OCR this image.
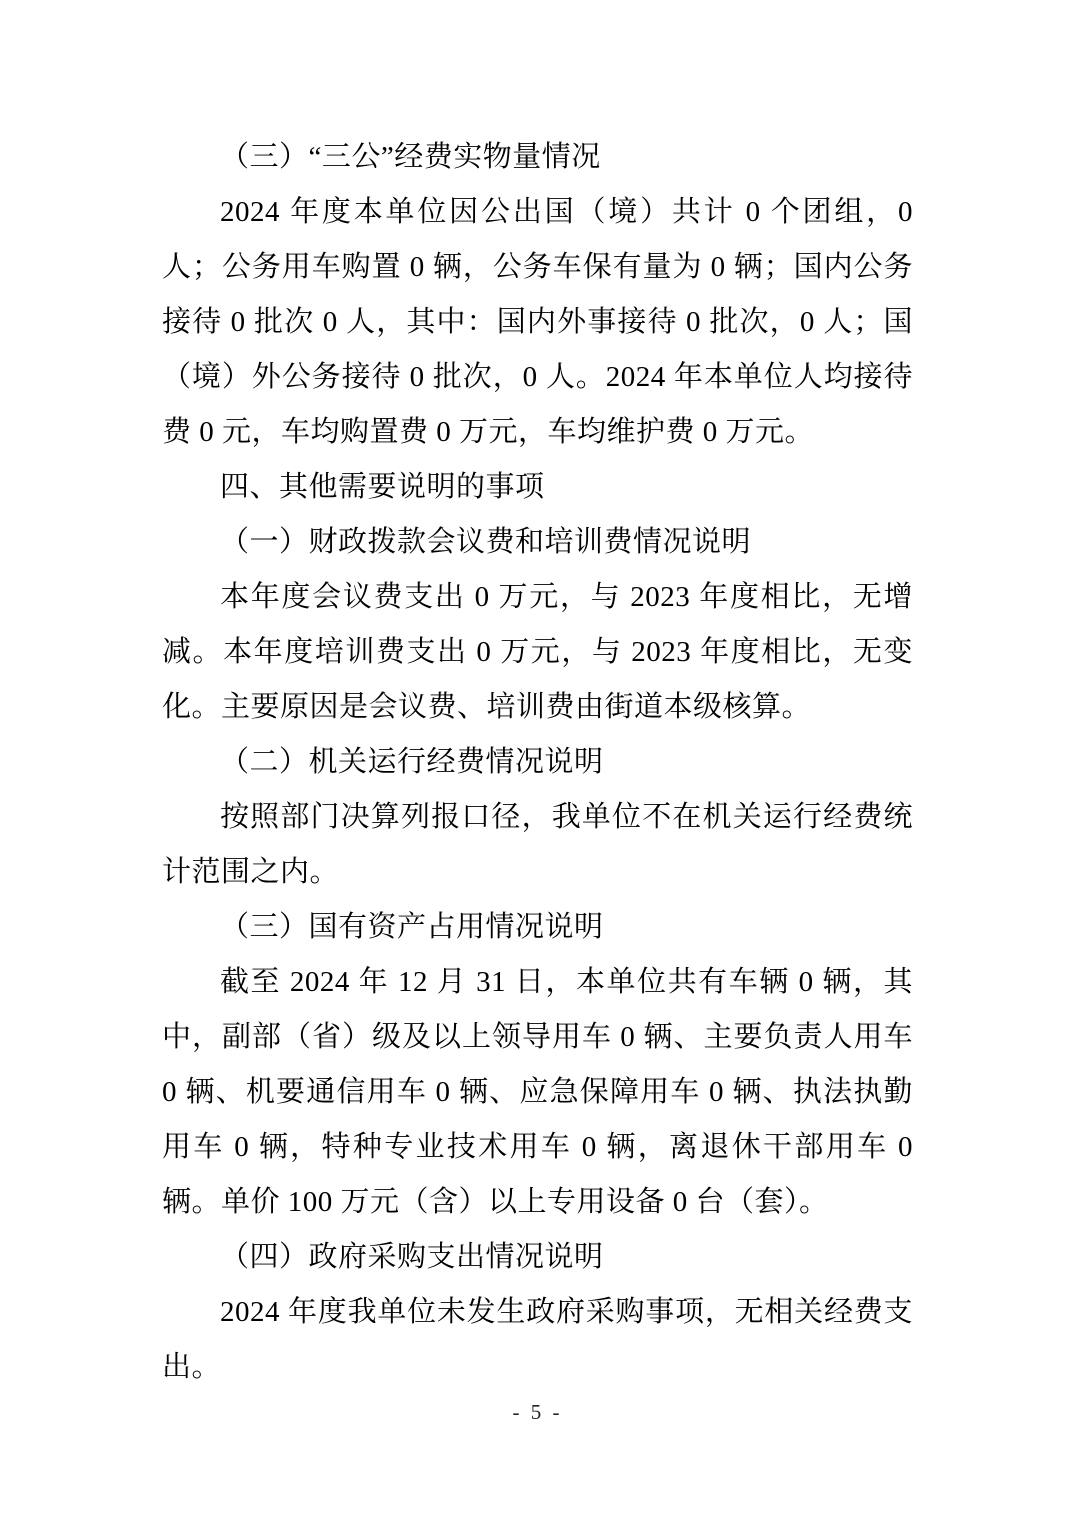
（三）“三公”经费实物量情况

2024 年度本单位因公出国（境）共计 0 个团组，0 人；公务用车购置 0 辆，公务车保有量为 0 辆；国内公务接待 0 批次 0 人，其中：国内外事接待 0 批次，0 人；国（境）外公务接待 0 批次，0 人。2024 年本单位人均接待费 0 元，车均购置费 0 万元，车均维护费 0 万元。

四、其他需要说明的事项

（一）财政拨款会议费和培训费情况说明

本年度会议费支出 0 万元，与 2023 年度相比，无增减。本年度培训费支出 0 万元，与 2023 年度相比，无变化。主要原因是会议费、培训费由街道本级核算。

（二）机关运行经费情况说明

按照部门决算列报口径，我单位不在机关运行经费统计范围之内。

（三）国有资产占用情况说明

截至 2024 年 12 月 31 日，本单位共有车辆 0 辆，其中，副部（省）级及以上领导用车 0 辆、主要负责人用车 0 辆、机要通信用车 0 辆、应急保障用车 0 辆、执法执勤用车 0 辆，特种专业技术用车 0 辆，离退休干部用车 0 辆。单价 100 万元（含）以上专用设备 0 台（套）。

（四）政府采购支出情况说明

2024 年度我单位未发生政府采购事项，无相关经费支出。

- 5 -
